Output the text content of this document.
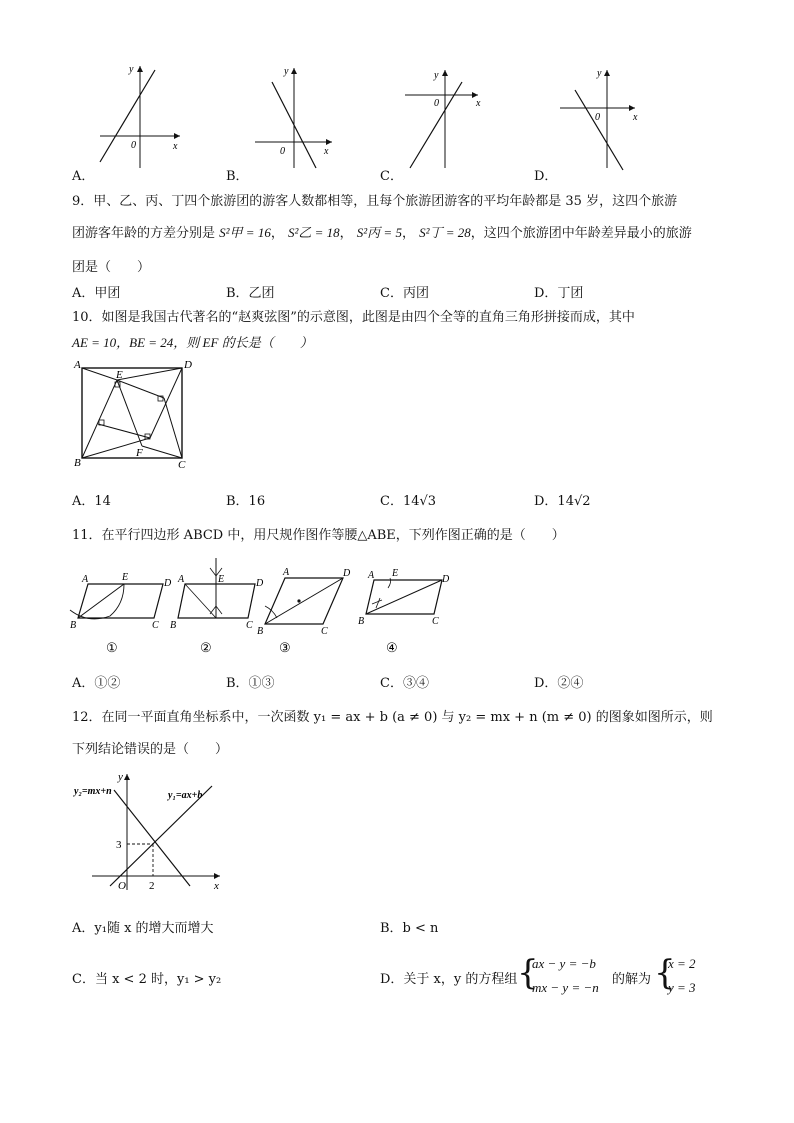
x
y
0
A．
x
y
0
B．
x
y
0
C．
x
y
0
D．
9．甲、乙、丙、丁四个旅游团的游客人数都相等，且每个旅游团游客的平均年龄都是 35 岁，这四个旅游
团游客年龄的方差分别是 S²甲 = 16， S²乙 = 18， S²丙 = 5， S²丁 = 28，这四个旅游团中年龄差异最小的旅游
团是（　　）
A．甲团	B．乙团	C．丙团	D．丁团
10．如图是我国古代著名的“赵爽弦图”的示意图，此图是由四个全等的直角三角形拼接而成，其中
AE = 10，BE = 24，则 EF 的长是（　　）
A	D
B	C
E
F
A．14	B．16	C．14√3	D．14√2
11．在平行四边形 ABCD 中，用尺规作图作等腰△ABE，下列作图正确的是（　　）
A	E
D
B	C
①
A	E	D
B	C
②
A	D
B	C
③
A E
D
B	C
④
A．①②	B．①③	C．③④	D．②④
12．在同一平面直角坐标系中，一次函数 y₁ = ax + b (a ≠ 0) 与 y₂ = mx + n (m ≠ 0) 的图象如图所示，则
下列结论错误的是（　　）
y₂=mx+n	y₁=ax+b
3
2
O	x
y
A．y₁随 x 的增大而增大	B．b < n
C．当 x < 2 时，y₁ > y₂	D．关于 x，y 的方程组 {
ax − y = −b
mx − y = −n
的解为 {
x = 2
y = 3
